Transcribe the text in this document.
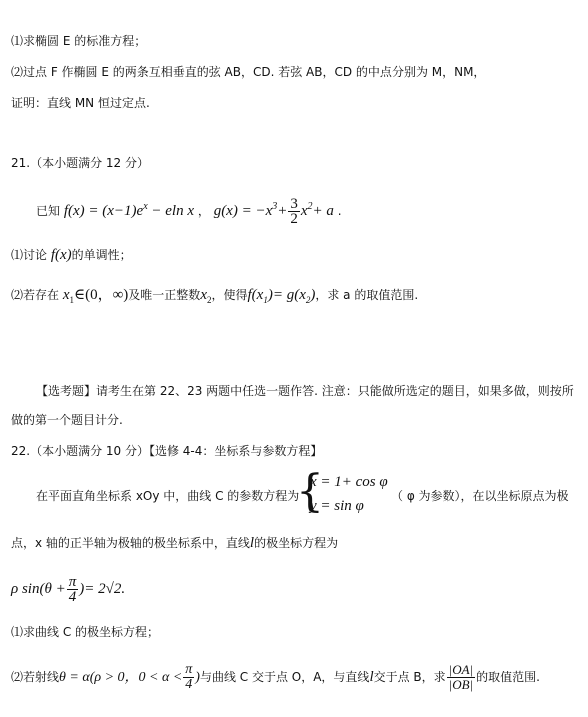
⑴求椭圆 E 的标准方程；
⑵过点 F 作椭圆 E 的两条互相垂直的弦 AB，CD. 若弦 AB，CD 的中点分别为 M，NM，
证明：直线 MN 恒过定点.
21.（本小题满分 12 分）
已知 $f(x) = (x-1)e^x - eln$ x ， $g(x) = -x^3+ \frac{3}{2} x^2+ a$ .
⑴讨论 f(x)的单调性；
⑵若存在 $x_1\in(0$，∞)及唯一正整数$x_2$，使得$f(x_1)= g(x_2)$，求 a 的取值范围.
【选考题】请考生在第 22、23 两题中任选一题作答. 注意：只能做所选定的题目，如果多做，则按所
做的第一个题目计分.
22.（本小题满分 10 分）【选修 4-4：坐标系与参数方程】
在平面直角坐标系 xOy 中，曲线 C 的参数方程为
{
x = 1+ cos φ
y = sin φ
（ φ 为参数），在以坐标原点为极
点，x 轴的正半轴为极轴的极坐标系中，直线l的极坐标方程为
ρ $\sin(\theta + \frac{\pi}{4}$ )= 2√2.
⑴求曲线 C 的极坐标方程；
⑵若射线θ = α(ρ > 0，$0 < \alpha < \frac{\pi}{4}$ )与曲线 C 交于点 O，A，与直线l交于点 B，求 $\frac{|OA|}{|OB|}$ 的取值范围.
